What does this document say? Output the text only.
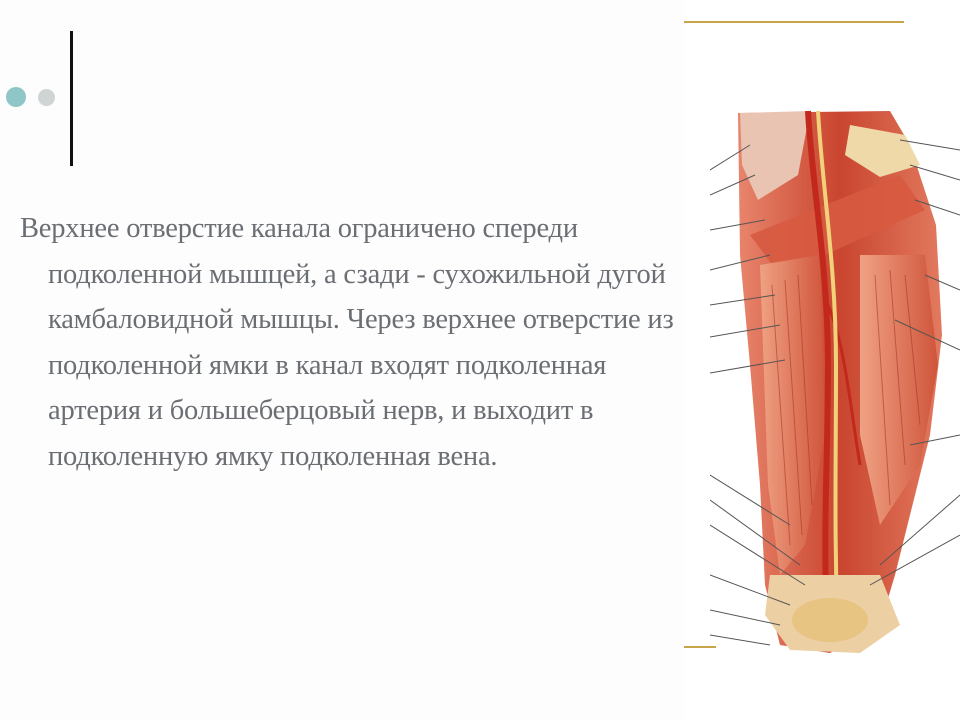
Верхнее отверстие канала ограничено спереди подколенной мышцей, а сзади - сухожильной дугой камбаловидной мышцы. Через верхнее отверстие из подколенной ямки в канал входят подколенная артерия и большеберцовый нерв, и выходит в подколенную ямку подколенная вена.
